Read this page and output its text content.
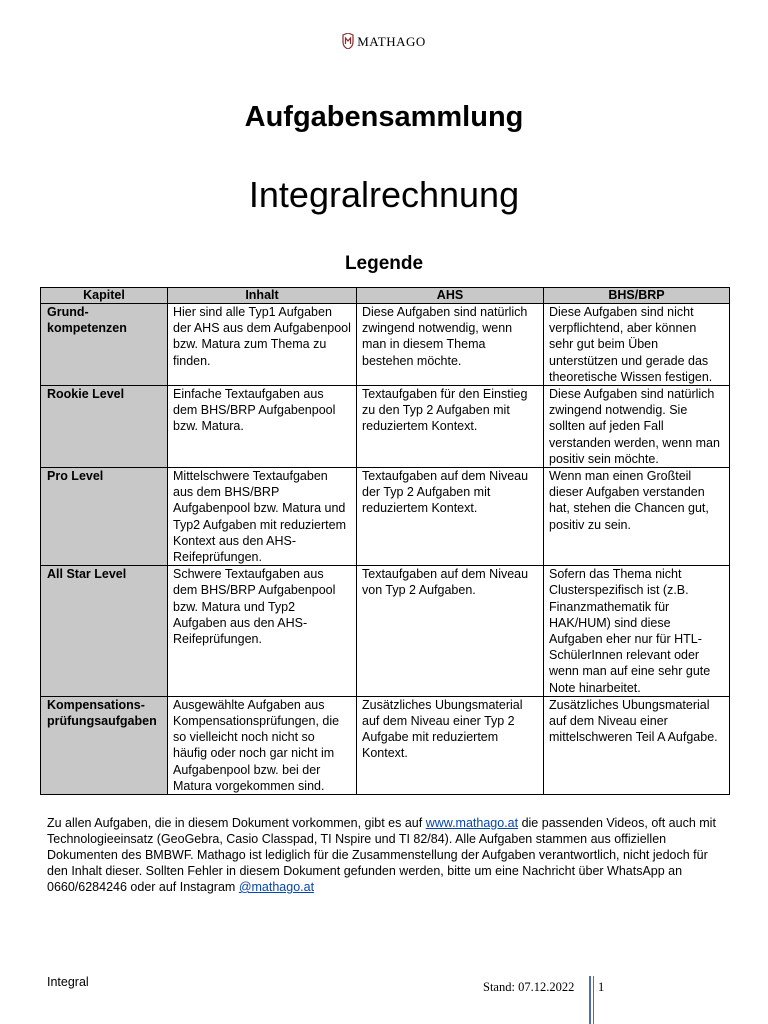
MATHAGO
Aufgabensammlung
Integralrechnung
Legende
Kapitel	Inhalt	AHS	BHS/BRP
Grund-
kompetenzen	Hier sind alle Typ1 Aufgaben der AHS aus dem Aufgabenpool bzw. Matura zum Thema zu finden.	Diese Aufgaben sind natürlich zwingend notwendig, wenn man in diesem Thema bestehen möchte.	Diese Aufgaben sind nicht verpflichtend, aber können sehr gut beim Üben unterstützen und gerade das theoretische Wissen festigen.
Rookie Level	Einfache Textaufgaben aus dem BHS/BRP Aufgabenpool bzw. Matura.	Textaufgaben für den Einstieg zu den Typ 2 Aufgaben mit reduziertem Kontext.	Diese Aufgaben sind natürlich zwingend notwendig. Sie sollten auf jeden Fall verstanden werden, wenn man positiv sein möchte.
Pro Level	Mittelschwere Textaufgaben aus dem BHS/BRP Aufgabenpool bzw. Matura und Typ2 Aufgaben mit reduziertem Kontext aus den AHS-Reifeprüfungen.	Textaufgaben auf dem Niveau der Typ 2 Aufgaben mit reduziertem Kontext.	Wenn man einen Großteil dieser Aufgaben verstanden hat, stehen die Chancen gut, positiv zu sein.
All Star Level	Schwere Textaufgaben aus dem BHS/BRP Aufgabenpool bzw. Matura und Typ2 Aufgaben aus den AHS-Reifeprüfungen.	Textaufgaben auf dem Niveau von Typ 2 Aufgaben.	Sofern das Thema nicht Clusterspezifisch ist (z.B. Finanzmathematik für HAK/HUM) sind diese Aufgaben eher nur für HTL-SchülerInnen relevant oder wenn man auf eine sehr gute Note hinarbeitet.
Kompensations-
prüfungsaufgaben	Ausgewählte Aufgaben aus Kompensationsprüfungen, die so vielleicht noch nicht so häufig oder noch gar nicht im Aufgabenpool bzw. bei der Matura vorgekommen sind.	Zusätzliches Ubungsmaterial auf dem Niveau einer Typ 2 Aufgabe mit reduziertem Kontext.	Zusätzliches Ubungsmaterial auf dem Niveau einer mittelschweren Teil A Aufgabe.
Zu allen Aufgaben, die in diesem Dokument vorkommen, gibt es auf www.mathago.at die passenden Videos, oft auch mit Technologieeinsatz (GeoGebra, Casio Classpad, TI Nspire und TI 82/84). Alle Aufgaben stammen aus offiziellen Dokumenten des BMBWF. Mathago ist lediglich für die Zusammenstellung der Aufgaben verantwortlich, nicht jedoch für den Inhalt dieser. Sollten Fehler in diesem Dokument gefunden werden, bitte um eine Nachricht über WhatsApp an 0660/6284246 oder auf Instagram @mathago.at
Integral	Stand: 07.12.2022 1
